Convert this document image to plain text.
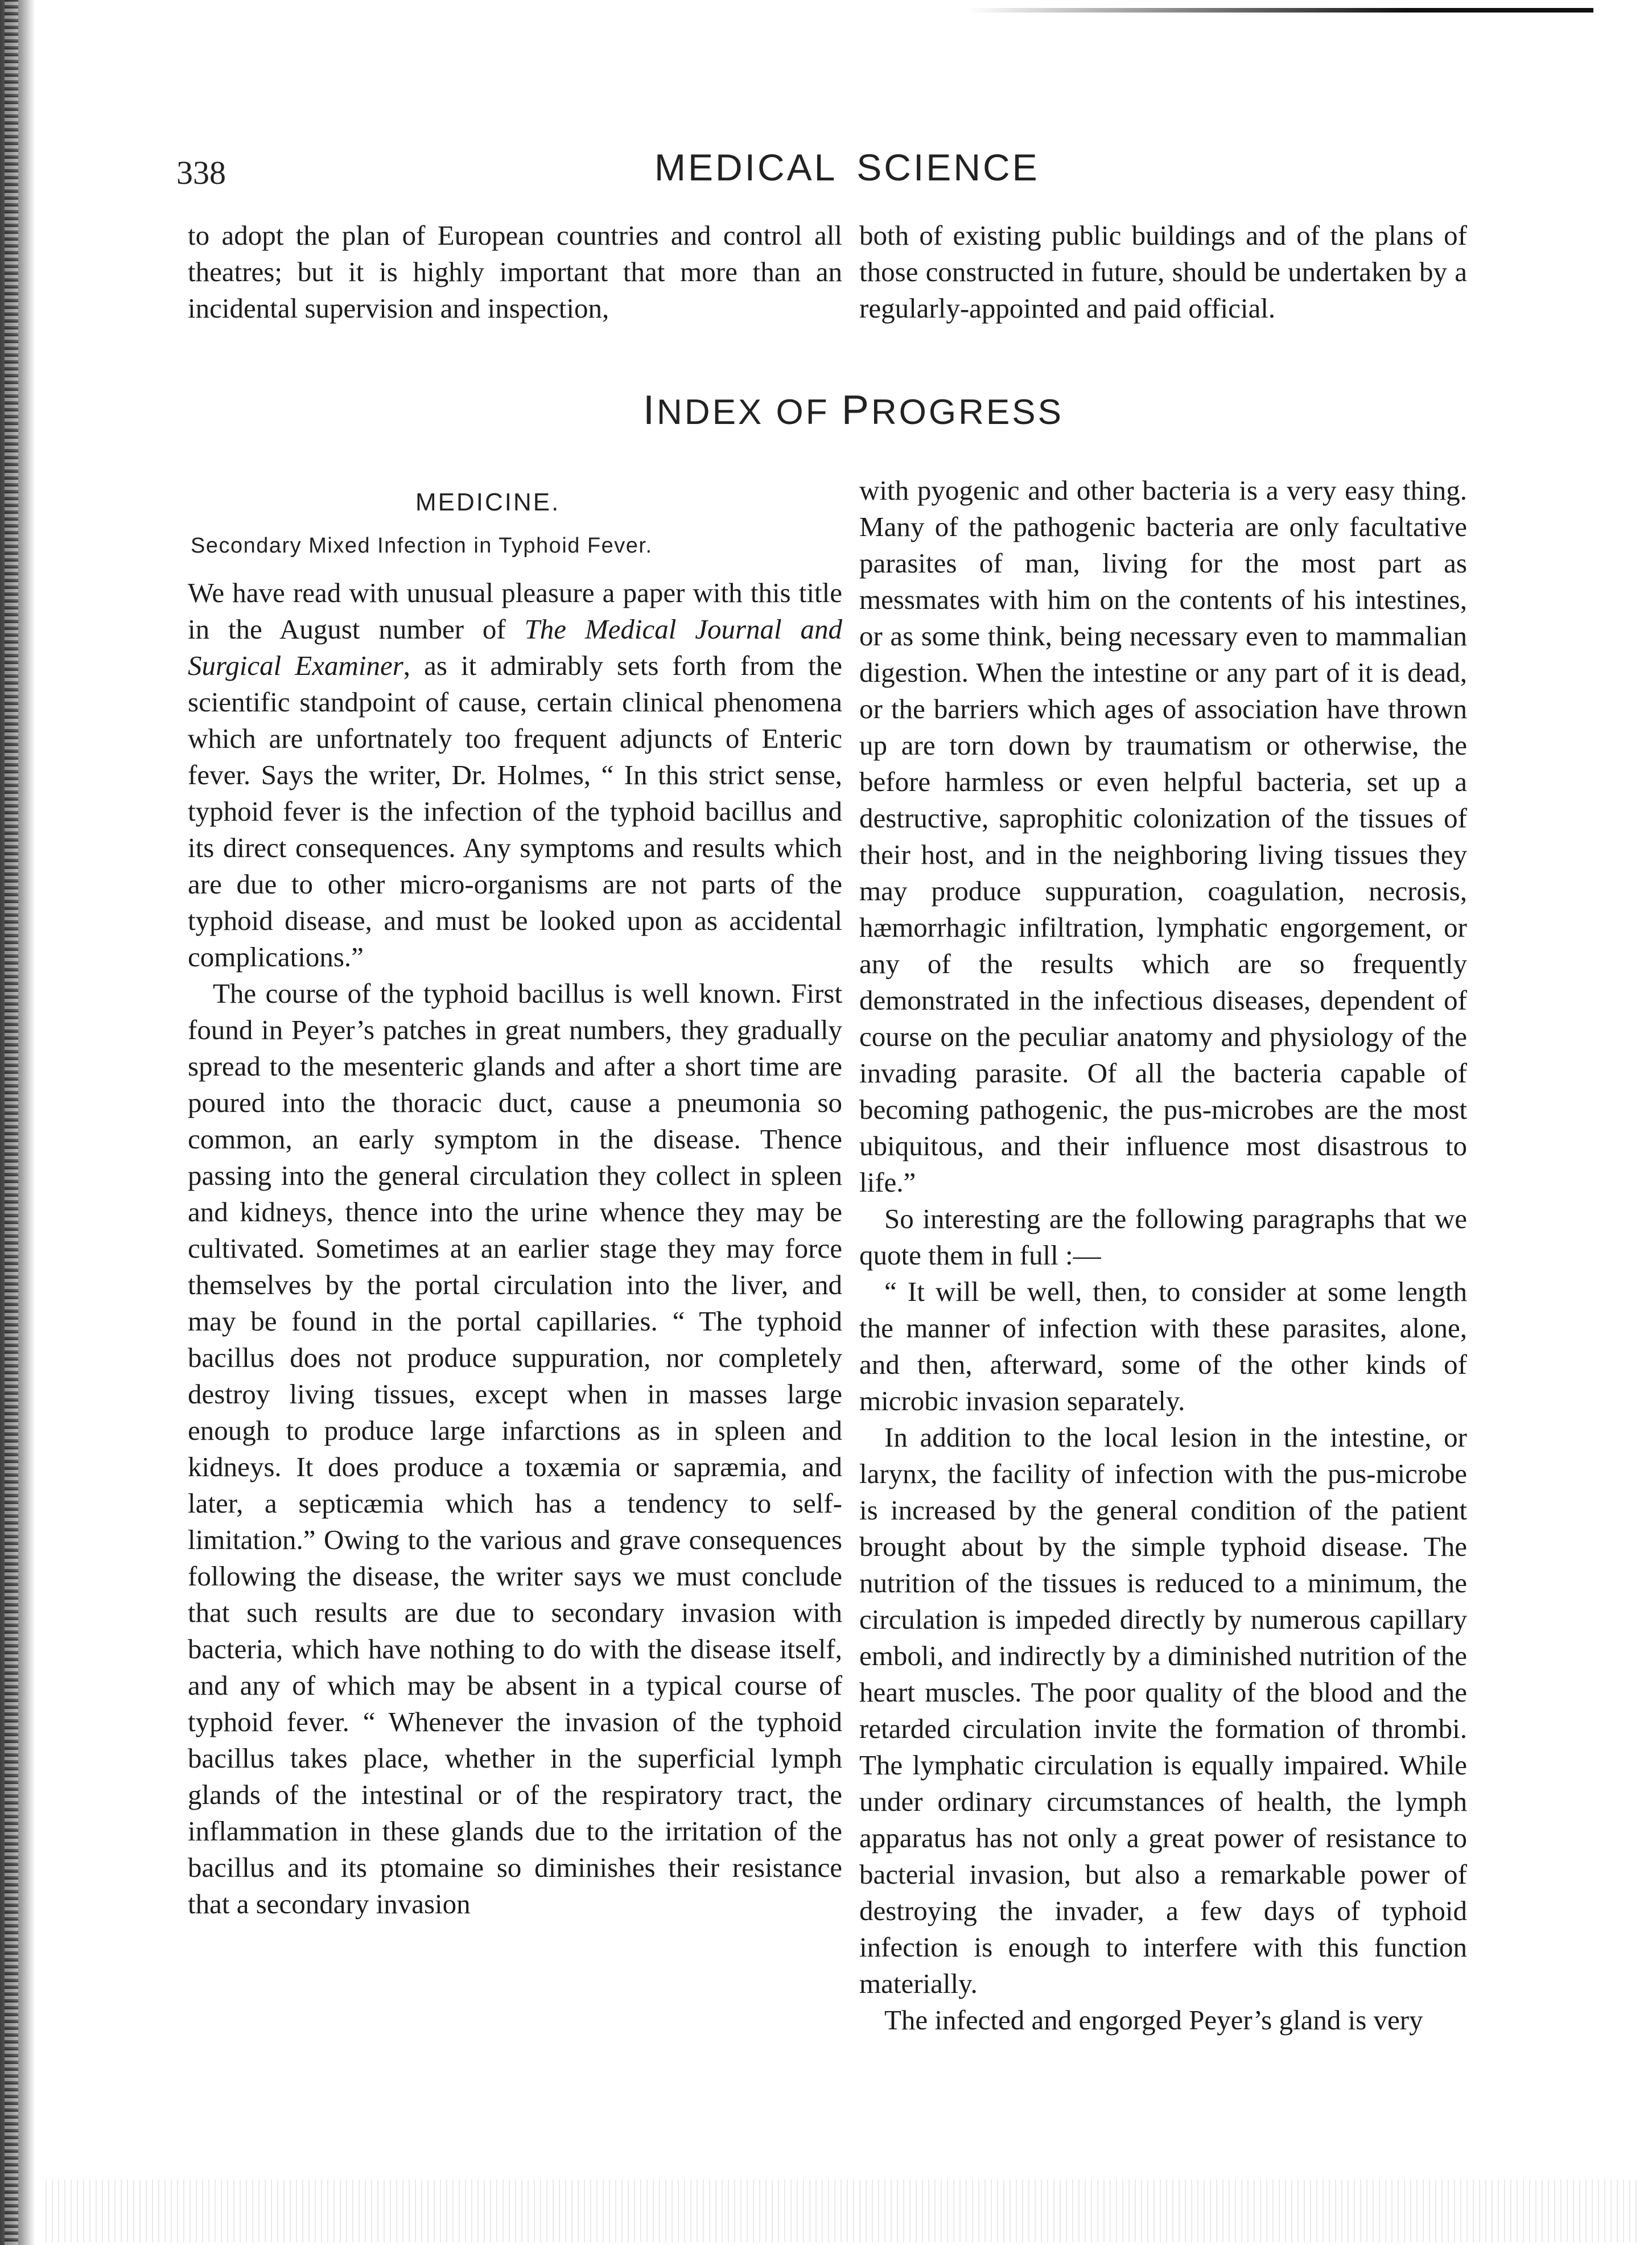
338	MEDICAL SCIENCE

to adopt the plan of European countries and control all theatres; but it is highly important that more than an incidental supervision and inspection,

both of existing public buildings and of the plans of those constructed in future, should be undertaken by a regularly-appointed and paid official.

INDEX OF PROGRESS
MEDICINE.
Secondary Mixed Infection in Typhoid Fever.

We have read with unusual pleasure a paper with this title in the August number of The Medical Journal and Surgical Examiner, as it admirably sets forth from the scientific standpoint of cause, certain clinical phenomena which are unfortnately too frequent adjuncts of Enteric fever. Says the writer, Dr. Holmes, “ In this strict sense, typhoid fever is the infection of the typhoid bacillus and its direct consequences. Any symptoms and results which are due to other micro-organisms are not parts of the typhoid disease, and must be looked upon as accidental complications.”

The course of the typhoid bacillus is well known. First found in Peyer’s patches in great numbers, they gradually spread to the mesenteric glands and after a short time are poured into the thoracic duct, cause a pneumonia so common, an early symptom in the disease. Thence passing into the general circulation they collect in spleen and kidneys, thence into the urine whence they may be cultivated. Sometimes at an earlier stage they may force themselves by the portal circulation into the liver, and may be found in the portal capillaries. “ The typhoid bacillus does not produce suppuration, nor completely destroy living tissues, except when in masses large enough to produce large infarctions as in spleen and kidneys. It does produce a toxæmia or sapræmia, and later, a septicæmia which has a tendency to self-limitation.” Owing to the various and grave consequences following the disease, the writer says we must conclude that such results are due to secondary invasion with bacteria, which have nothing to do with the disease itself, and any of which may be absent in a typical course of typhoid fever. “ Whenever the invasion of the typhoid bacillus takes place, whether in the superficial lymph glands of the intestinal or of the respiratory tract, the inflammation in these glands due to the irritation of the bacillus and its ptomaine so diminishes their resistance that a secondary invasion

with pyogenic and other bacteria is a very easy thing. Many of the pathogenic bacteria are only facultative parasites of man, living for the most part as messmates with him on the contents of his intestines, or as some think, being necessary even to mammalian digestion. When the intestine or any part of it is dead, or the barriers which ages of association have thrown up are torn down by traumatism or otherwise, the before harmless or even helpful bacteria, set up a destructive, saprophitic colonization of the tissues of their host, and in the neighboring living tissues they may produce suppuration, coagulation, necrosis, hæmorrhagic infiltration, lymphatic engorgement, or any of the results which are so frequently demonstrated in the infectious diseases, dependent of course on the peculiar anatomy and physiology of the invading parasite. Of all the bacteria capable of becoming pathogenic, the pus-microbes are the most ubiquitous, and their influence most disastrous to life.”

So interesting are the following paragraphs that we quote them in full :—

“ It will be well, then, to consider at some length the manner of infection with these parasites, alone, and then, afterward, some of the other kinds of microbic invasion separately.

In addition to the local lesion in the intestine, or larynx, the facility of infection with the pus-microbe is increased by the general condition of the patient brought about by the simple typhoid disease. The nutrition of the tissues is reduced to a minimum, the circulation is impeded directly by numerous capillary emboli, and indirectly by a diminished nutrition of the heart muscles. The poor quality of the blood and the retarded circulation invite the formation of thrombi. The lymphatic circulation is equally impaired. While under ordinary circumstances of health, the lymph apparatus has not only a great power of resistance to bacterial invasion, but also a remarkable power of destroying the invader, a few days of typhoid infection is enough to interfere with this function materially.

The infected and engorged Peyer’s gland is very
